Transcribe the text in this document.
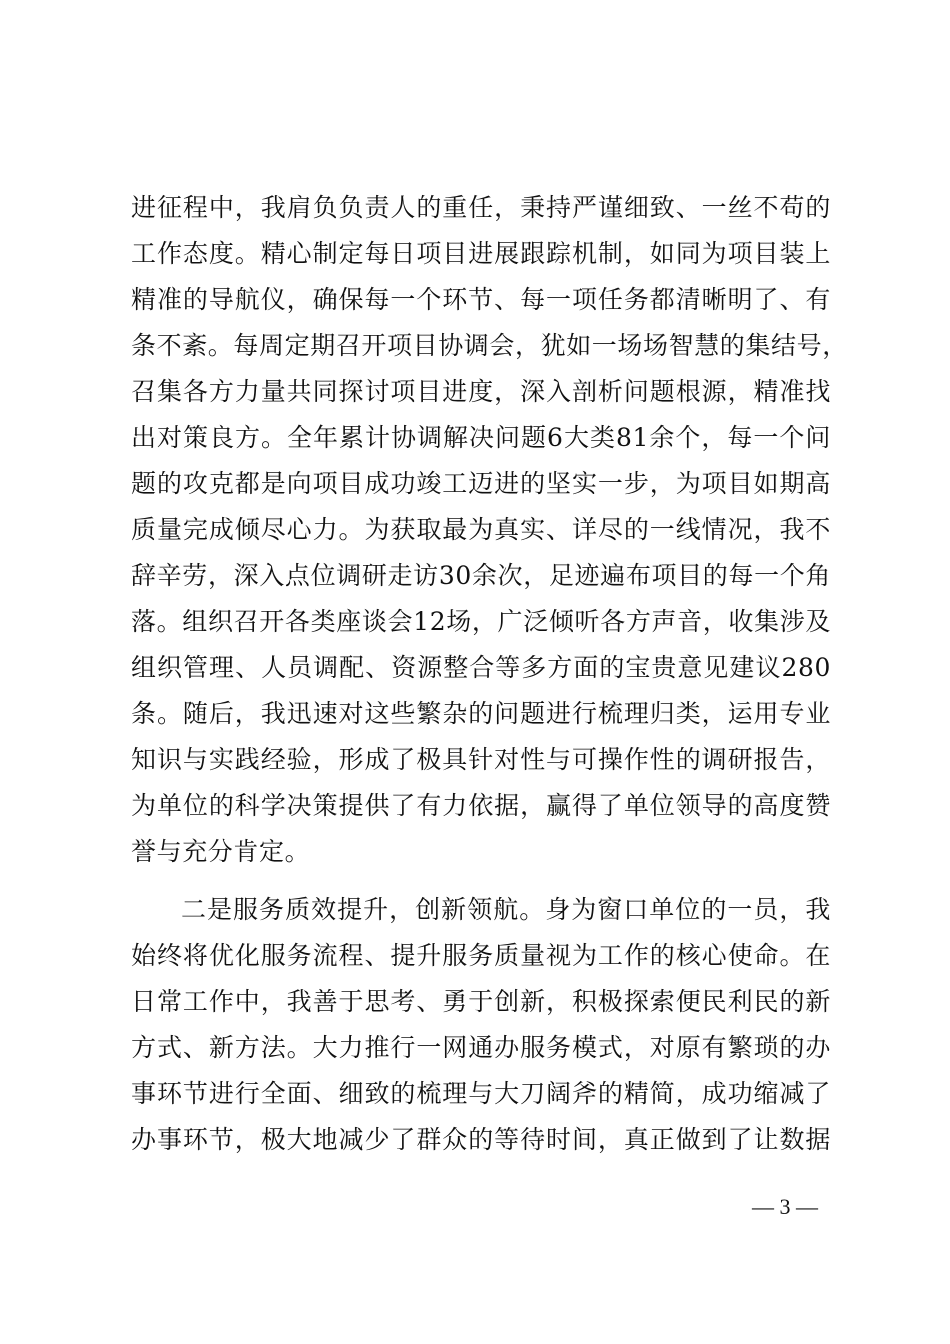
进征程中，我肩负负责人的重任，秉持严谨细致、一丝不苟的
工作态度。精心制定每日项目进展跟踪机制，如同为项目装上
精准的导航仪，确保每一个环节、每一项任务都清晰明了、有
条不紊。每周定期召开项目协调会，犹如一场场智慧的集结号，
召集各方力量共同探讨项目进度，深入剖析问题根源，精准找
出对策良方。全年累计协调解决问题6大类81余个，每一个问
题的攻克都是向项目成功竣工迈进的坚实一步，为项目如期高
质量完成倾尽心力。为获取最为真实、详尽的一线情况，我不
辞辛劳，深入点位调研走访30余次，足迹遍布项目的每一个角
落。组织召开各类座谈会12场，广泛倾听各方声音，收集涉及
组织管理、人员调配、资源整合等多方面的宝贵意见建议280
条。随后，我迅速对这些繁杂的问题进行梳理归类，运用专业
知识与实践经验，形成了极具针对性与可操作性的调研报告，
为单位的科学决策提供了有力依据，赢得了单位领导的高度赞
誉与充分肯定。
二是服务质效提升，创新领航。身为窗口单位的一员，我
始终将优化服务流程、提升服务质量视为工作的核心使命。在
日常工作中，我善于思考、勇于创新，积极探索便民利民的新
方式、新方法。大力推行一网通办服务模式，对原有繁琐的办
事环节进行全面、细致的梳理与大刀阔斧的精简，成功缩减了
办事环节，极大地减少了群众的等待时间，真正做到了让数据
— 3 —
